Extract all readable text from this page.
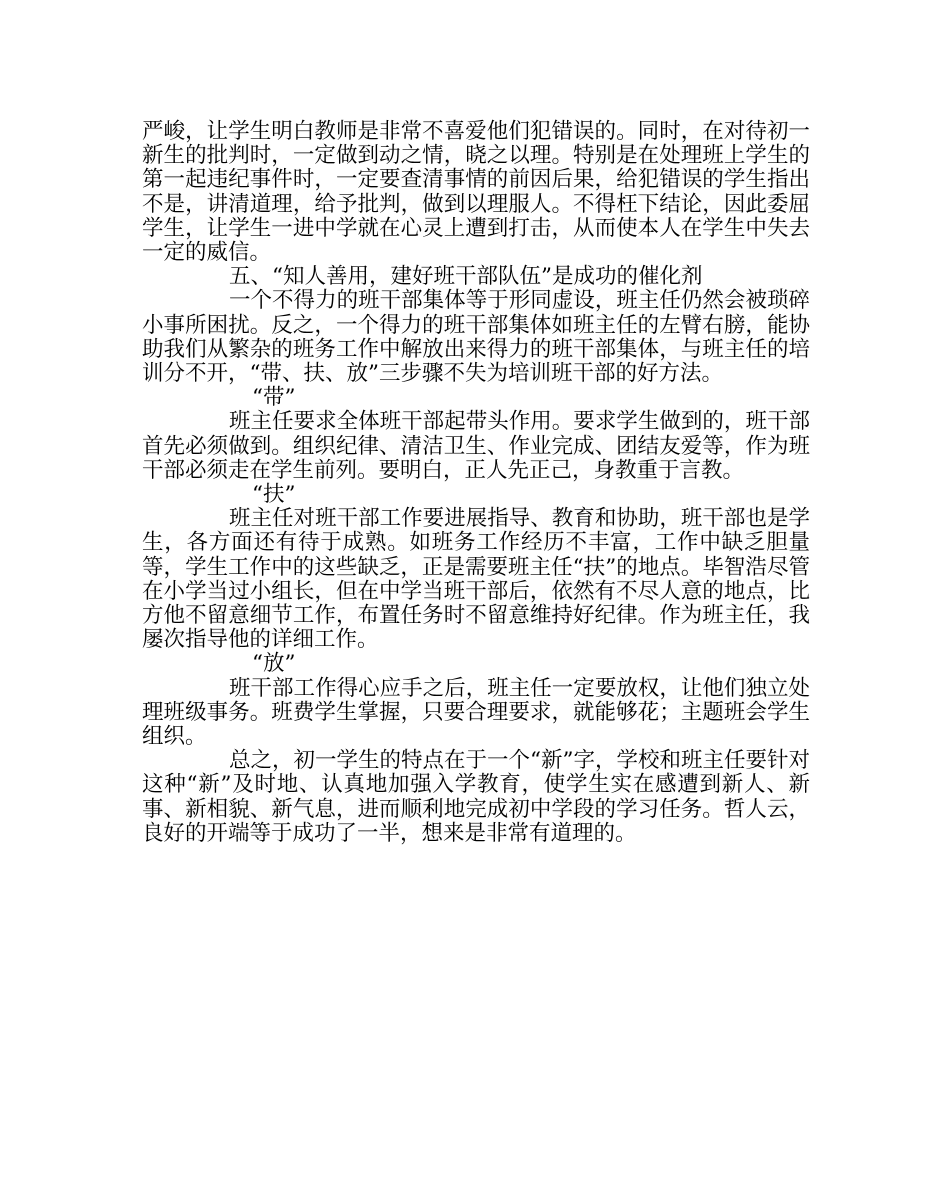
严峻，让学生明白教师是非常不喜爱他们犯错误的。同时，在对待初一新生的批判时，一定做到动之情，晓之以理。特别是在处理班上学生的第一起违纪事件时，一定要查清事情的前因后果，给犯错误的学生指出不是，讲清道理，给予批判，做到以理服人。不得枉下结论，因此委屈学生，让学生一进中学就在心灵上遭到打击，从而使本人在学生中失去一定的威信。

五、“知人善用，建好班干部队伍”是成功的催化剂

一个不得力的班干部集体等于形同虚设，班主任仍然会被琐碎小事所困扰。反之，一个得力的班干部集体如班主任的左臂右膀，能协助我们从繁杂的班务工作中解放出来得力的班干部集体，与班主任的培训分不开，“带、扶、放”三步骤不失为培训班干部的好方法。

“带”

班主任要求全体班干部起带头作用。要求学生做到的，班干部首先必须做到。组织纪律、清洁卫生、作业完成、团结友爱等，作为班干部必须走在学生前列。要明白，正人先正己，身教重于言教。

“扶”

班主任对班干部工作要进展指导、教育和协助，班干部也是学生，各方面还有待于成熟。如班务工作经历不丰富，工作中缺乏胆量等，学生工作中的这些缺乏，正是需要班主任“扶”的地点。毕智浩尽管在小学当过小组长，但在中学当班干部后，依然有不尽人意的地点，比方他不留意细节工作，布置任务时不留意维持好纪律。作为班主任，我屡次指导他的详细工作。

“放”

班干部工作得心应手之后，班主任一定要放权，让他们独立处理班级事务。班费学生掌握，只要合理要求，就能够花；主题班会学生组织。

总之，初一学生的特点在于一个“新”字，学校和班主任要针对这种“新”及时地、认真地加强入学教育，使学生实在感遭到新人、新事、新相貌、新气息，进而顺利地完成初中学段的学习任务。哲人云，良好的开端等于成功了一半，想来是非常有道理的。
